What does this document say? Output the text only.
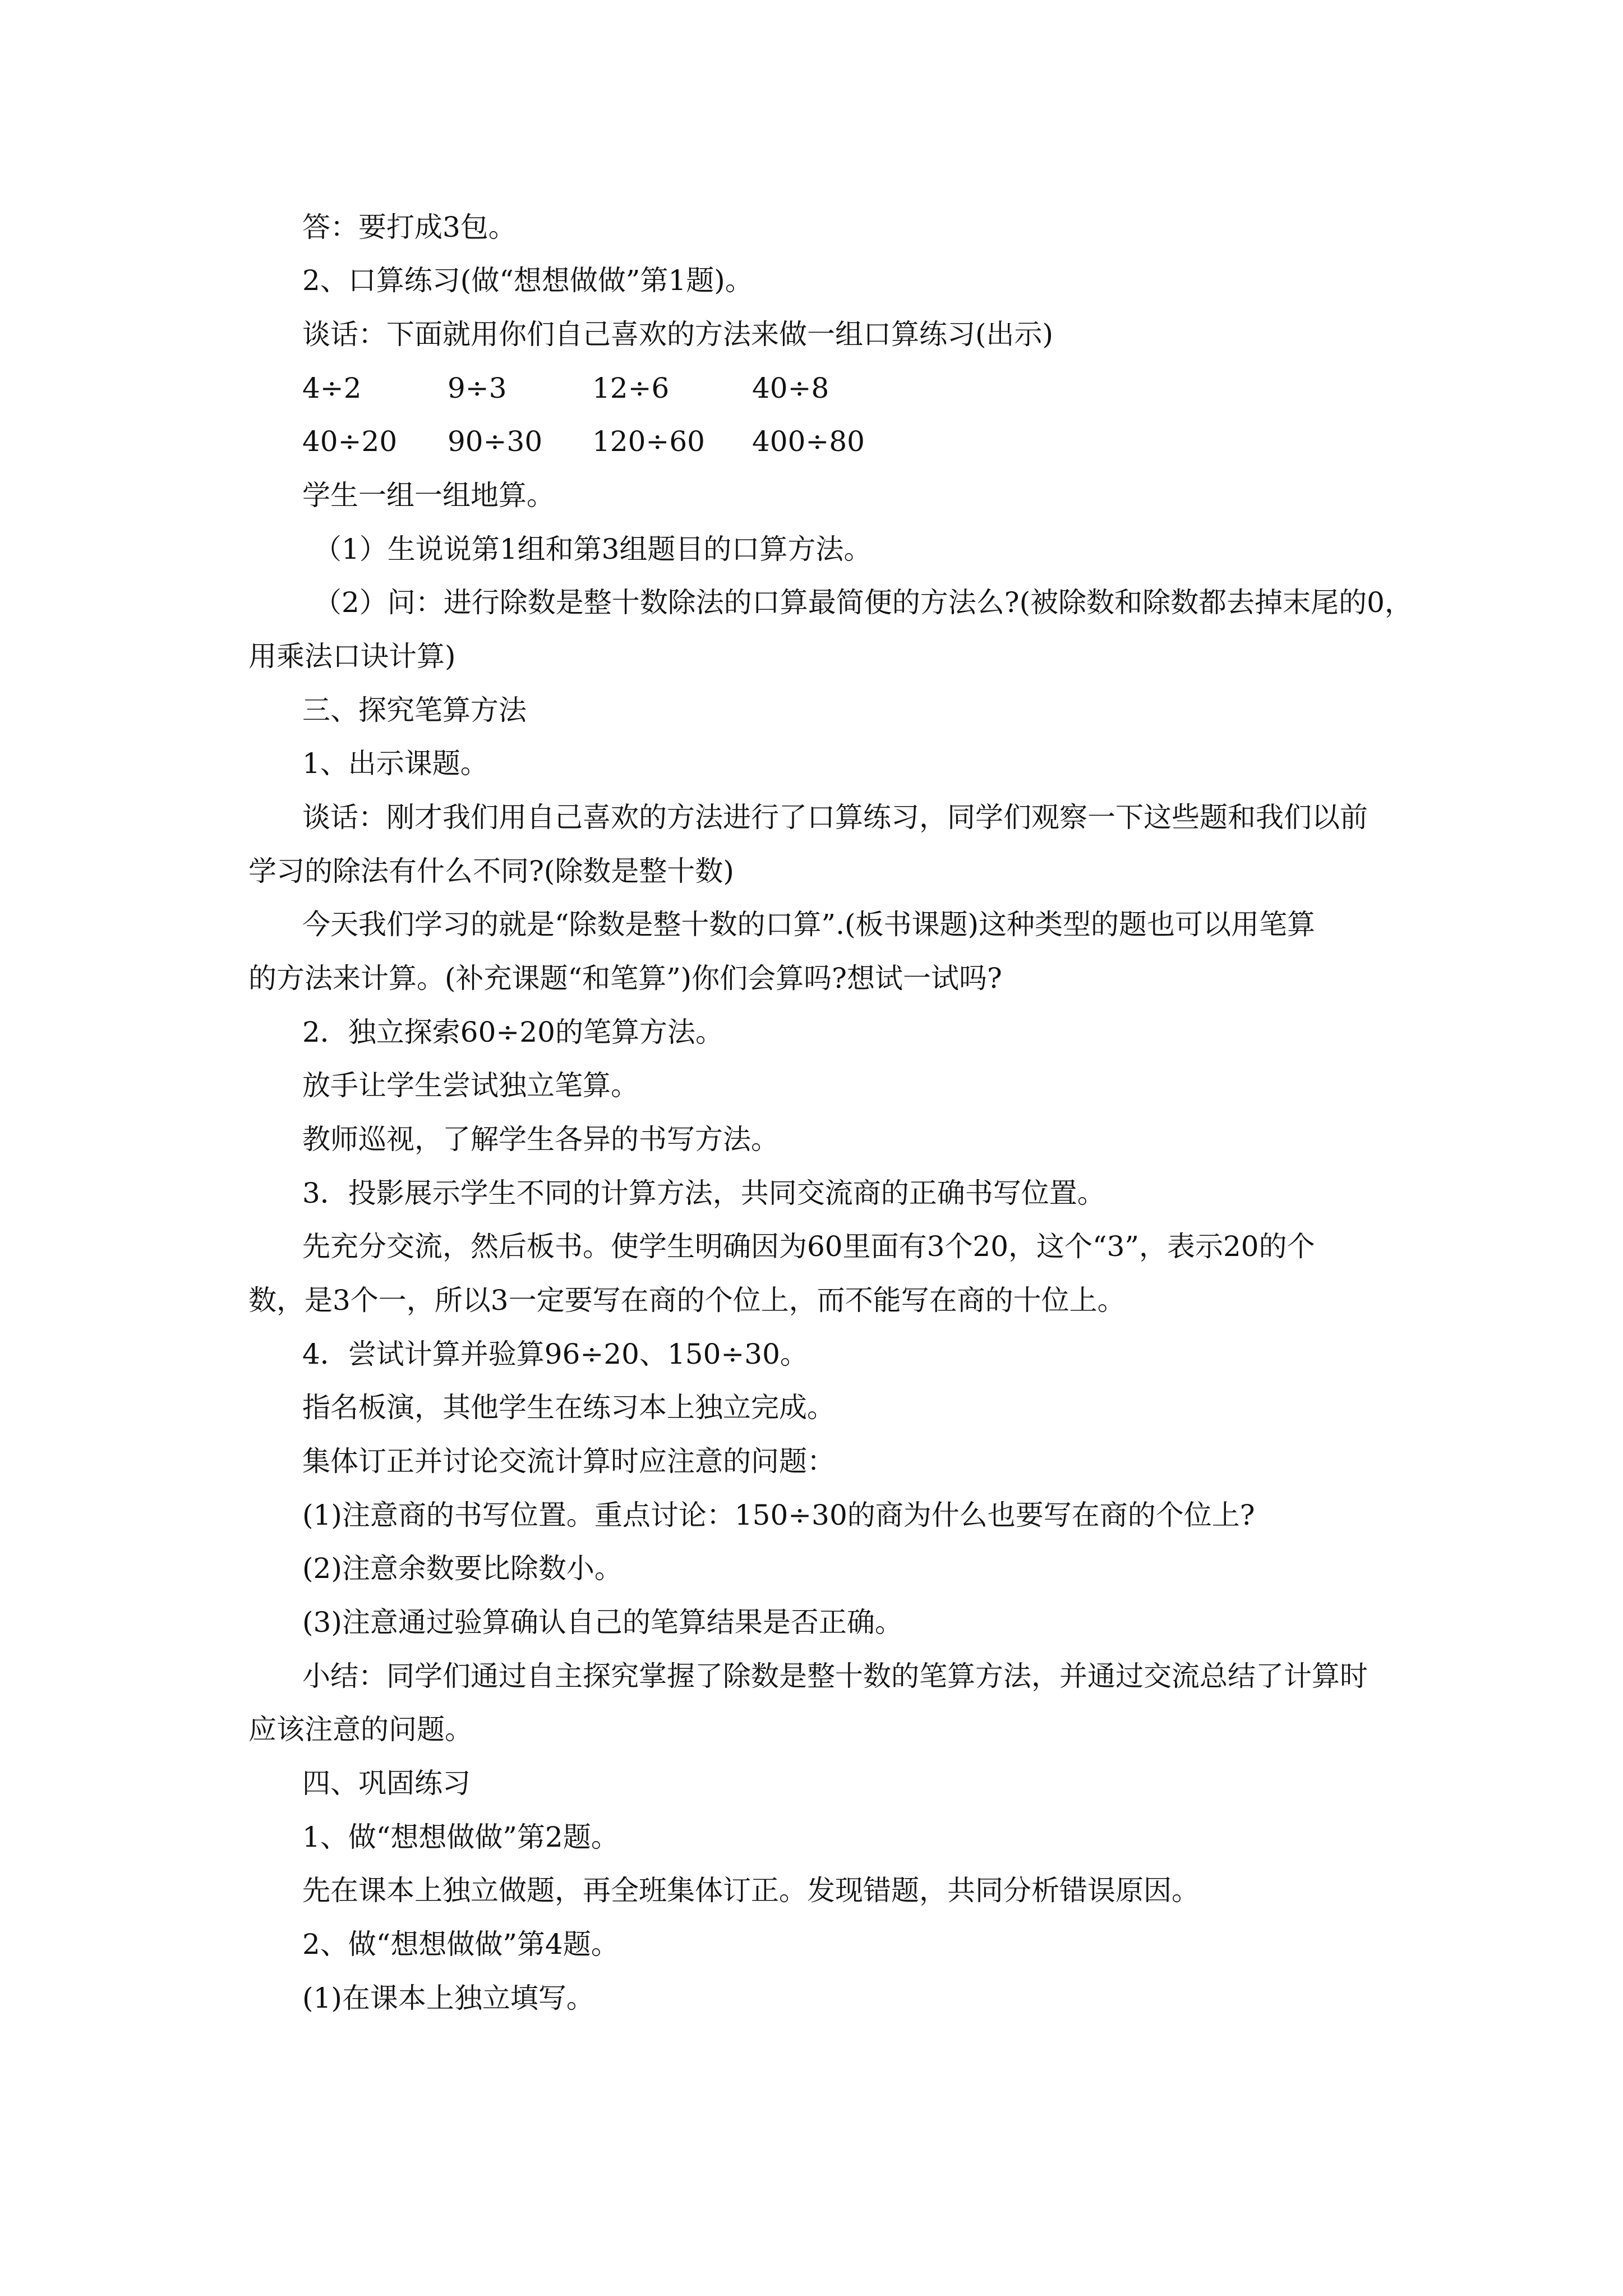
答：要打成3包。

2、口算练习(做“想想做做”第1题)。

谈话：下面就用你们自己喜欢的方法来做一组口算练习(出示)

4÷2	9÷3	12÷6	40÷8

40÷20 90÷30 120÷60 400÷80

学生一组一组地算。

（1）生说说第1组和第3组题目的口算方法。

（2）问：进行除数是整十数除法的口算最简便的方法么?(被除数和除数都去掉末尾的0，

用乘法口诀计算)

三、探究笔算方法

1、出示课题。

谈话：刚才我们用自己喜欢的方法进行了口算练习，同学们观察一下这些题和我们以前

学习的除法有什么不同?(除数是整十数)

今天我们学习的就是“除数是整十数的口算”.(板书课题)这种类型的题也可以用笔算

的方法来计算。(补充课题“和笔算”)你们会算吗?想试一试吗?

2．独立探索60÷20的笔算方法。

放手让学生尝试独立笔算。

教师巡视，了解学生各异的书写方法。

3．投影展示学生不同的计算方法，共同交流商的正确书写位置。

先充分交流，然后板书。使学生明确因为60里面有3个20，这个“3”，表示20的个

数，是3个一，所以3一定要写在商的个位上，而不能写在商的十位上。

4．尝试计算并验算96÷20、150÷30。

指名板演，其他学生在练习本上独立完成。

集体订正并讨论交流计算时应注意的问题：

(1)注意商的书写位置。重点讨论：150÷30的商为什么也要写在商的个位上?

(2)注意余数要比除数小。

(3)注意通过验算确认自己的笔算结果是否正确。

小结：同学们通过自主探究掌握了除数是整十数的笔算方法，并通过交流总结了计算时

应该注意的问题。

四、巩固练习

1、做“想想做做”第2题。

先在课本上独立做题，再全班集体订正。发现错题，共同分析错误原因。

2、做“想想做做”第4题。

(1)在课本上独立填写。
